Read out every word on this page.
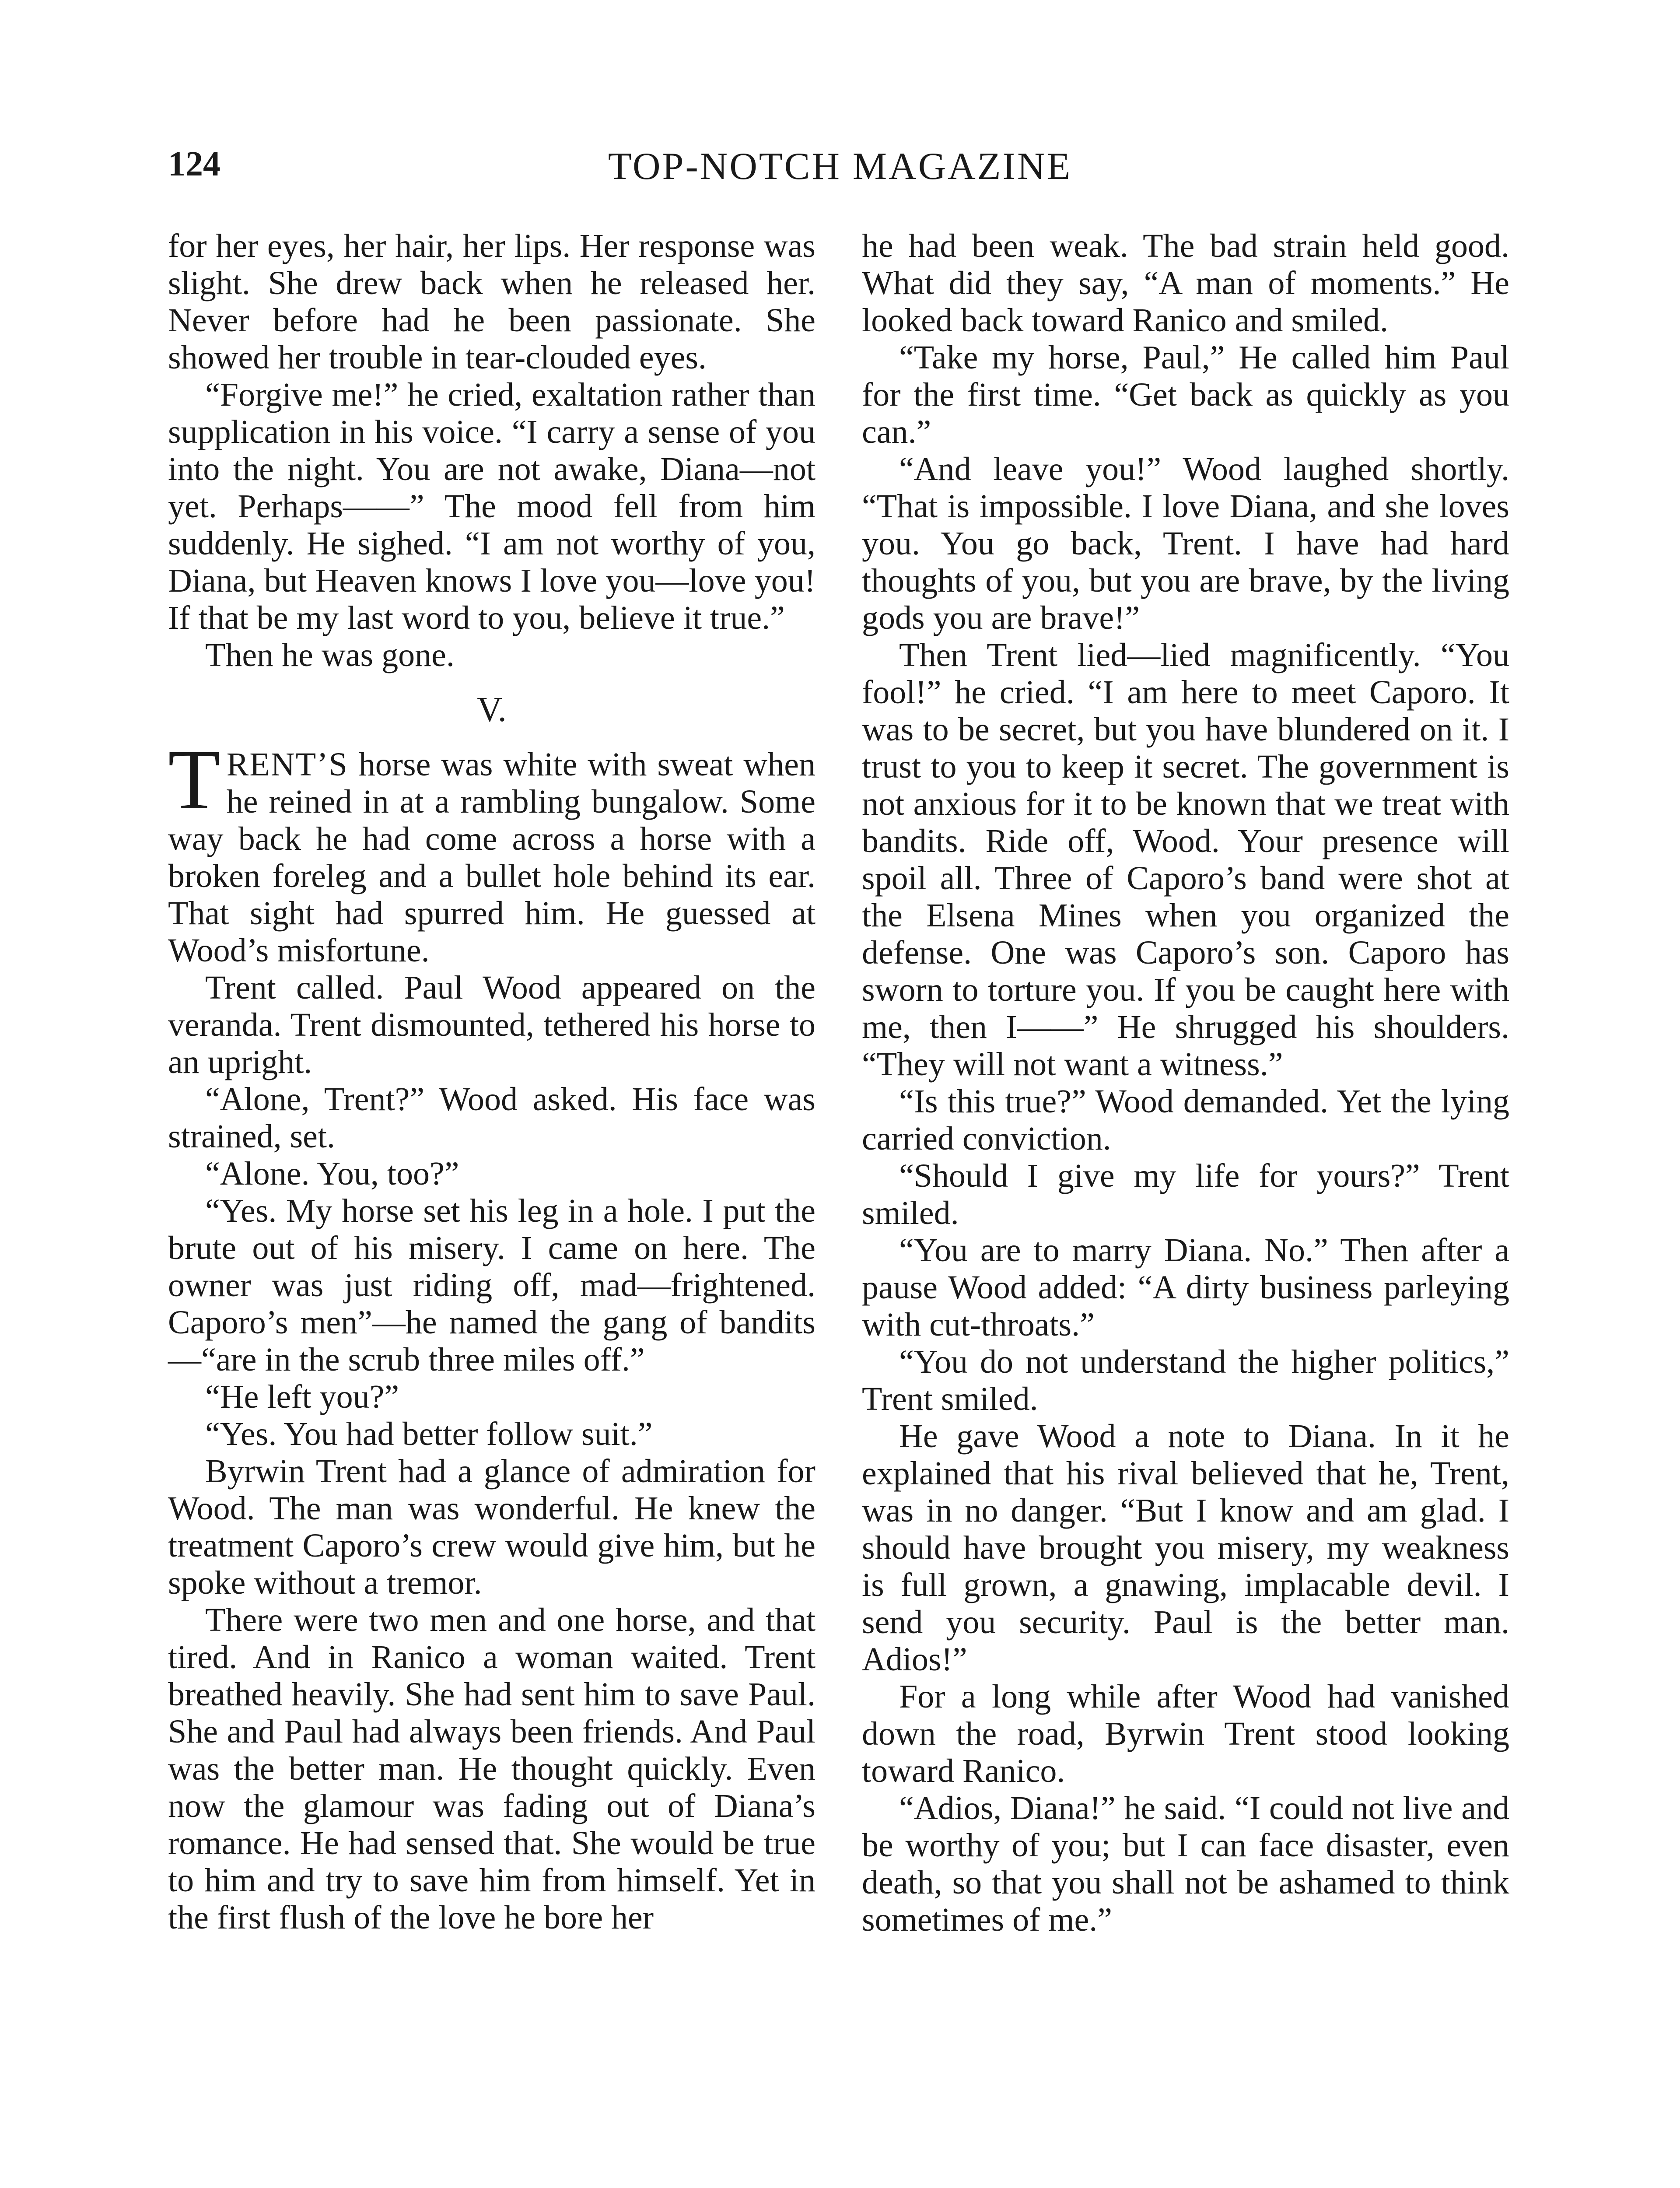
124	TOP-NOTCH MAGAZINE

for her eyes, her hair, her lips. Her response was slight. She drew back when he released her. Never before had he been passionate. She showed her trouble in tear-clouded eyes.

“Forgive me!” he cried, exaltation rather than supplication in his voice. “I carry a sense of you into the night. You are not awake, Diana—not yet. Perhaps——” The mood fell from him suddenly. He sighed. “I am not worthy of you, Diana, but Heaven knows I love you—love you! If that be my last word to you, believe it true.”

Then he was gone.

V.

TRENT’S horse was white with sweat when he reined in at a rambling bungalow. Some way back he had come across a horse with a broken foreleg and a bullet hole behind its ear. That sight had spurred him. He guessed at Wood’s misfortune.

Trent called. Paul Wood appeared on the veranda. Trent dismounted, tethered his horse to an upright.

“Alone, Trent?” Wood asked. His face was strained, set.

“Alone. You, too?”

“Yes. My horse set his leg in a hole. I put the brute out of his misery. I came on here. The owner was just riding off, mad—frightened. Caporo’s men”—he named the gang of bandits—“are in the scrub three miles off.”

“He left you?”

“Yes. You had better follow suit.”

Byrwin Trent had a glance of admiration for Wood. The man was wonderful. He knew the treatment Caporo’s crew would give him, but he spoke without a tremor.

There were two men and one horse, and that tired. And in Ranico a woman waited. Trent breathed heavily. She had sent him to save Paul. She and Paul had always been friends. And Paul was the better man. He thought quickly. Even now the glamour was fading out of Diana’s romance. He had sensed that. She would be true to him and try to save him from himself. Yet in the first flush of the love he bore her

he had been weak. The bad strain held good. What did they say, “A man of moments.” He looked back toward Ranico and smiled.

“Take my horse, Paul,” He called him Paul for the first time. “Get back as quickly as you can.”

“And leave you!” Wood laughed shortly. “That is impossible. I love Diana, and she loves you. You go back, Trent. I have had hard thoughts of you, but you are brave, by the living gods you are brave!”

Then Trent lied—lied magnificently. “You fool!” he cried. “I am here to meet Caporo. It was to be secret, but you have blundered on it. I trust to you to keep it secret. The government is not anxious for it to be known that we treat with bandits. Ride off, Wood. Your presence will spoil all. Three of Caporo’s band were shot at the Elsena Mines when you organized the defense. One was Caporo’s son. Caporo has sworn to torture you. If you be caught here with me, then I——” He shrugged his shoulders. “They will not want a witness.”

“Is this true?” Wood demanded. Yet the lying carried conviction.

“Should I give my life for yours?” Trent smiled.

“You are to marry Diana. No.” Then after a pause Wood added: “A dirty business parleying with cut-throats.”

“You do not understand the higher politics,” Trent smiled.

He gave Wood a note to Diana. In it he explained that his rival believed that he, Trent, was in no danger. “But I know and am glad. I should have brought you misery, my weakness is full grown, a gnawing, implacable devil. I send you security. Paul is the better man. Adios!”

For a long while after Wood had vanished down the road, Byrwin Trent stood looking toward Ranico.

“Adios, Diana!” he said. “I could not live and be worthy of you; but I can face disaster, even death, so that you shall not be ashamed to think sometimes of me.”
